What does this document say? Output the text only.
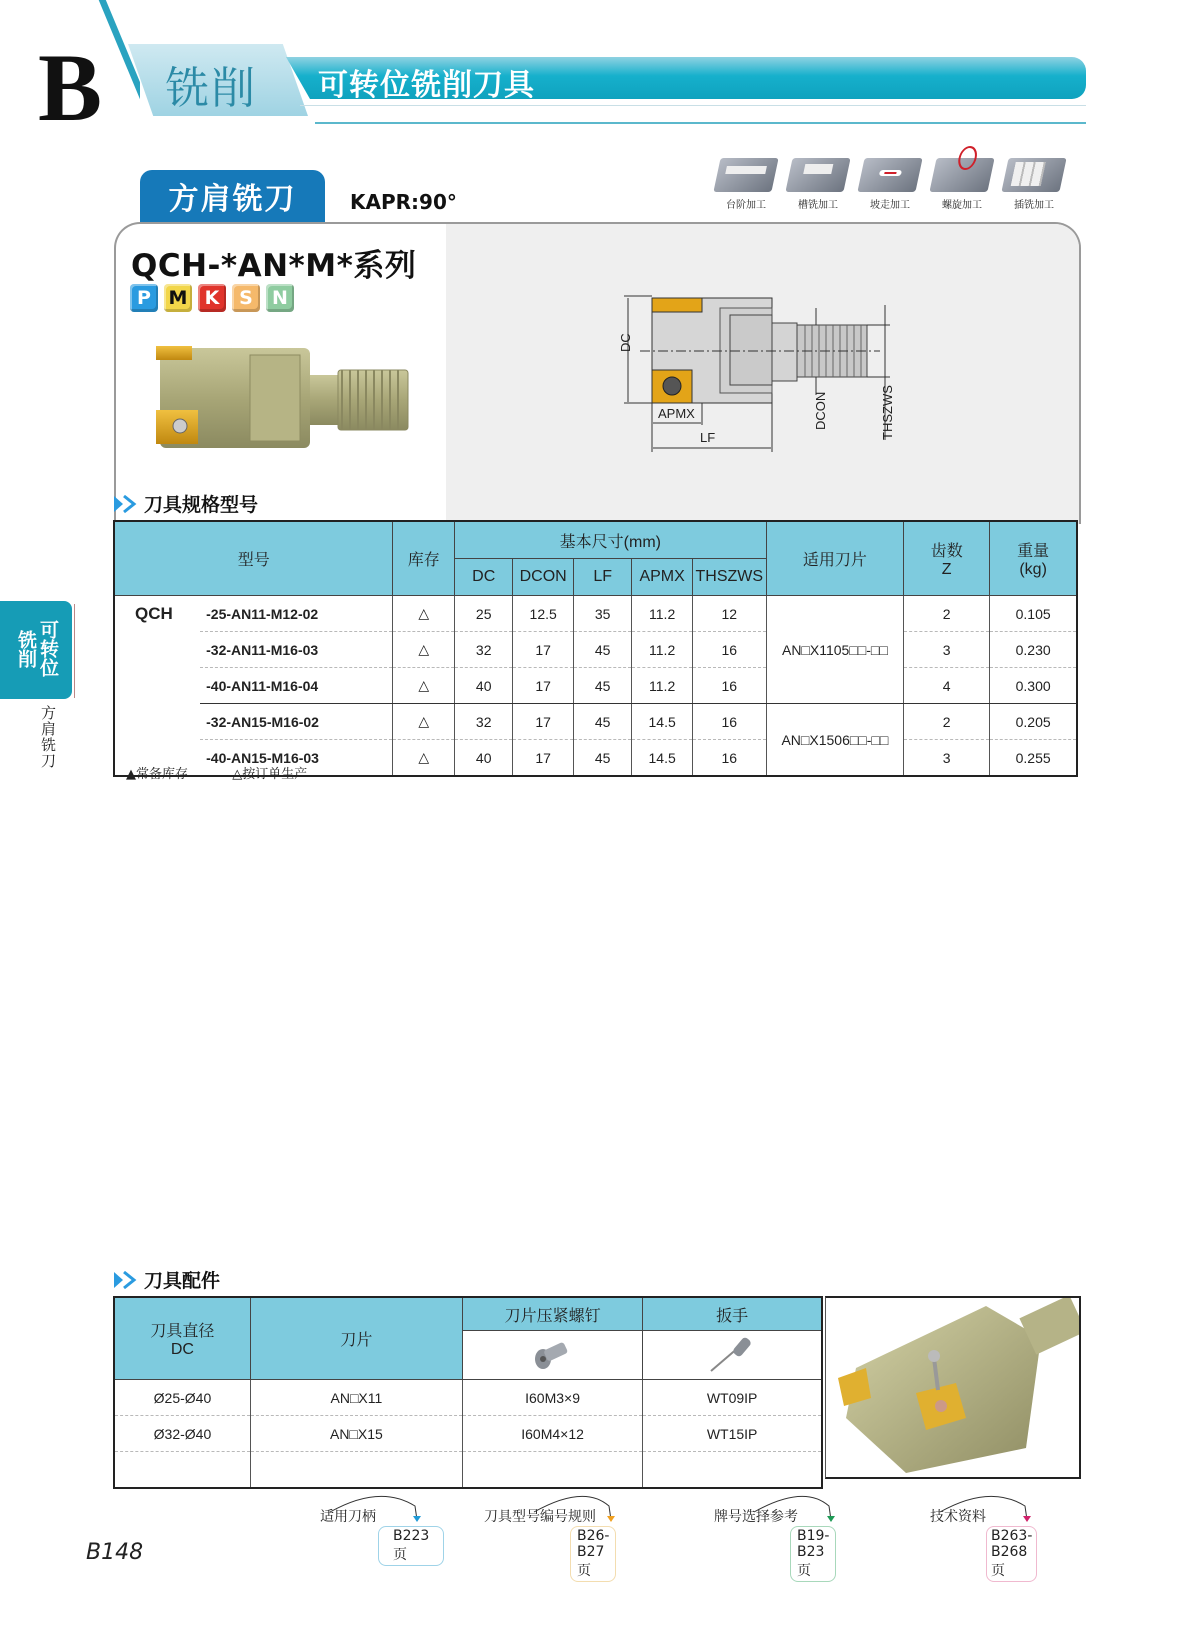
B 铣削 可转位铣削刀具
方肩铣刀	KAPR:90°	台阶加工	槽铣加工	坡走加工	螺旋加工	插铣加工
QCH-*AN*M*系列
P M K	S	N
DC
APMX
LF
DCON	THSZWS
刀具规格型号
型号		库存	基本尺寸(mm)					适用刀片	齿数
Z	重量
(kg)
			DC	DCON	LF	APMX	THSZWS			
QCH	-25-AN11-M12-02	△	25	12.5	35	11.2	12	AN□X1105□□-□□	2	0.105
	-32-AN11-M16-03	△	32	17	45	11.2	16		3	0.230
	-40-AN11-M16-04	△	40	17	45	11.2	16		4	0.300
	-32-AN15-M16-02	△	32	17	45	14.5	16	AN□X1506□□-□□	2	0.205
	-40-AN15-M16-03	△	40	17	45	14.5	16		3	0.255
▲常备库存	△按订单生产
可转位
铣削
方肩铣刀
刀具配件
刀具直径
DC	刀片	刀片压紧螺钉	扳手

Ø25-Ø40	AN□X11	I60M3×9	WT09IP
Ø32-Ø40	AN□X15	I60M4×12	WT15IP

适用刀柄
B223页
刀具型号编号规则
B26-B27页
牌号选择参考
B19-B23页
技术资料
B263-B268页
B148
